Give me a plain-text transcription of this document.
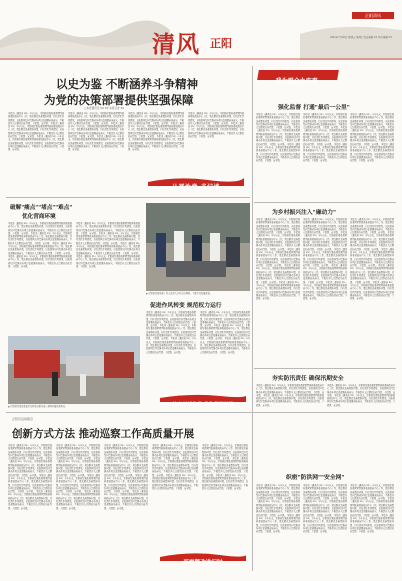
清风 正阳
正阳清风
2021年7月30日 星期五 第4版 责任编辑 XX 美术编辑 XX
以史为鉴 不断涵养斗争精神
为党的决策部署提供坚强保障
□本报通讯员 XX XX 本报记者 XX
本报讯（通讯员 XX）今年以来，正阳县纪委监委紧紧围绕县委县政府中心工作，聚焦群众急难愁盼问题，持续深化作风建设，以监督执纪问责推动各项决策部署落地落实，不断提升人民群众的获得感、幸福感、安全感。 本报讯（通讯员 XX）今年以来，正阳县纪委监委紧紧围绕县委县政府中心工作，聚焦群众急难愁盼问题，持续深化作风建设，以监督执纪问责推动各项决策部署落地落实，不断提升人民群众的获得感、幸福感、安全感。 本报讯（通讯员 XX）今年以来，正阳县纪委监委紧紧围绕县委县政府中心工作，聚焦群众急难愁盼问题，持续深化作风建设，以监督执纪问责推动各项决策部署落地落实，不断提升人民群众的获得感、幸福感、安全感。
本报讯（通讯员 XX）今年以来，正阳县纪委监委紧紧围绕县委县政府中心工作，聚焦群众急难愁盼问题，持续深化作风建设，以监督执纪问责推动各项决策部署落地落实，不断提升人民群众的获得感、幸福感、安全感。 本报讯（通讯员 XX）今年以来，正阳县纪委监委紧紧围绕县委县政府中心工作，聚焦群众急难愁盼问题，持续深化作风建设，以监督执纪问责推动各项决策部署落地落实，不断提升人民群众的获得感、幸福感、安全感。 本报讯（通讯员 XX）今年以来，正阳县纪委监委紧紧围绕县委县政府中心工作，聚焦群众急难愁盼问题，持续深化作风建设，以监督执纪问责推动各项决策部署落地落实，不断提升人民群众的获得感、幸福感、安全感。
本报讯（通讯员 XX）今年以来，正阳县纪委监委紧紧围绕县委县政府中心工作，聚焦群众急难愁盼问题，持续深化作风建设，以监督执纪问责推动各项决策部署落地落实，不断提升人民群众的获得感、幸福感、安全感。 本报讯（通讯员 XX）今年以来，正阳县纪委监委紧紧围绕县委县政府中心工作，聚焦群众急难愁盼问题，持续深化作风建设，以监督执纪问责推动各项决策部署落地落实，不断提升人民群众的获得感、幸福感、安全感。 本报讯（通讯员 XX）今年以来，正阳县纪委监委紧紧围绕县委县政府中心工作，聚焦群众急难愁盼问题，持续深化作风建设，以监督执纪问责推动各项决策部署落地落实，不断提升人民群众的获得感、幸福感、安全感。
本报讯（通讯员 XX）今年以来，正阳县纪委监委紧紧围绕县委县政府中心工作，聚焦群众急难愁盼问题，持续深化作风建设，以监督执纪问责推动各项决策部署落地落实，不断提升人民群众的获得感、幸福感、安全感。 本报讯（通讯员 XX）今年以来，正阳县纪委监委紧紧围绕县委县政府中心工作，聚焦群众急难愁盼问题，持续深化作风建设，以监督执纪问责推动各项决策部署落地落实，不断提升人民群众的获得感、幸福感、安全感。
从严治党·书记谈
我为群众办实事
强化监督 打通"最后一公里"
本报讯（通讯员 XX）今年以来，正阳县纪委监委紧紧围绕县委县政府中心工作，聚焦群众急难愁盼问题，持续深化作风建设，以监督执纪问责推动各项决策部署落地落实，不断提升人民群众的获得感、幸福感、安全感。 本报讯（通讯员 XX）今年以来，正阳县纪委监委紧紧围绕县委县政府中心工作，聚焦群众急难愁盼问题，持续深化作风建设，以监督执纪问责推动各项决策部署落地落实，不断提升人民群众的获得感、幸福感、安全感。 本报讯（通讯员 XX）今年以来，正阳县纪委监委紧紧围绕县委县政府中心工作，聚焦群众急难愁盼问题，持续深化作风建设，以监督执纪问责推动各项决策部署落地落实，不断提升人民群众的获得感、幸福感、安全感。
本报讯（通讯员 XX）今年以来，正阳县纪委监委紧紧围绕县委县政府中心工作，聚焦群众急难愁盼问题，持续深化作风建设，以监督执纪问责推动各项决策部署落地落实，不断提升人民群众的获得感、幸福感、安全感。 本报讯（通讯员 XX）今年以来，正阳县纪委监委紧紧围绕县委县政府中心工作，聚焦群众急难愁盼问题，持续深化作风建设，以监督执纪问责推动各项决策部署落地落实，不断提升人民群众的获得感、幸福感、安全感。 本报讯（通讯员 XX）今年以来，正阳县纪委监委紧紧围绕县委县政府中心工作，聚焦群众急难愁盼问题，持续深化作风建设，以监督执纪问责推动各项决策部署落地落实，不断提升人民群众的获得感、幸福感、安全感。
本报讯（通讯员 XX）今年以来，正阳县纪委监委紧紧围绕县委县政府中心工作，聚焦群众急难愁盼问题，持续深化作风建设，以监督执纪问责推动各项决策部署落地落实，不断提升人民群众的获得感、幸福感、安全感。 本报讯（通讯员 XX）今年以来，正阳县纪委监委紧紧围绕县委县政府中心工作，聚焦群众急难愁盼问题，持续深化作风建设，以监督执纪问责推动各项决策部署落地落实，不断提升人民群众的获得感、幸福感、安全感。 本报讯（通讯员 XX）今年以来，正阳县纪委监委紧紧围绕县委县政府中心工作，聚焦群众急难愁盼问题，持续深化作风建设，以监督执纪问责推动各项决策部署落地落实，不断提升人民群众的获得感、幸福感、安全感。
破解"痛点""堵点""难点"
优化营商环境
本报讯（通讯员 XX）今年以来，正阳县纪委监委紧紧围绕县委县政府中心工作，聚焦群众急难愁盼问题，持续深化作风建设，以监督执纪问责推动各项决策部署落地落实，不断提升人民群众的获得感、幸福感、安全感。 本报讯（通讯员 XX）今年以来，正阳县纪委监委紧紧围绕县委县政府中心工作，聚焦群众急难愁盼问题，持续深化作风建设，以监督执纪问责推动各项决策部署落地落实，不断提升人民群众的获得感、幸福感、安全感。 本报讯（通讯员 XX）今年以来，正阳县纪委监委紧紧围绕县委县政府中心工作，聚焦群众急难愁盼问题，持续深化作风建设，以监督执纪问责推动各项决策部署落地落实，不断提升人民群众的获得感、幸福感、安全感。 本报讯（通讯员 XX）今年以来，正阳县纪委监委紧紧围绕县委县政府中心工作，聚焦群众急难愁盼问题，持续深化作风建设，以监督执纪问责推动各项决策部署落地落实，不断提升人民群众的获得感、幸福感、安全感。
本报讯（通讯员 XX）今年以来，正阳县纪委监委紧紧围绕县委县政府中心工作，聚焦群众急难愁盼问题，持续深化作风建设，以监督执纪问责推动各项决策部署落地落实，不断提升人民群众的获得感、幸福感、安全感。 本报讯（通讯员 XX）今年以来，正阳县纪委监委紧紧围绕县委县政府中心工作，聚焦群众急难愁盼问题，持续深化作风建设，以监督执纪问责推动各项决策部署落地落实，不断提升人民群众的获得感、幸福感、安全感。 本报讯（通讯员 XX）今年以来，正阳县纪委监委紧紧围绕县委县政府中心工作，聚焦群众急难愁盼问题，持续深化作风建设，以监督执纪问责推动各项决策部署落地落实，不断提升人民群众的获得感、幸福感、安全感。 本报讯（通讯员 XX）今年以来，正阳县纪委监委紧紧围绕县委县政府中心工作，聚焦群众急难愁盼问题，持续深化作风建设，以监督执纪问责推动各项决策部署落地落实，不断提升人民群众的获得感、幸福感、安全感。
▲ 正阳县纪委监委工作人员深入企业走访调研，了解企业发展难题。
▲ 正阳县纪委监委派驻纪检监察组对施工现场开展监督检查。
促进作风转变 规范权力运行
本报讯（通讯员 XX）今年以来，正阳县纪委监委紧紧围绕县委县政府中心工作，聚焦群众急难愁盼问题，持续深化作风建设，以监督执纪问责推动各项决策部署落地落实，不断提升人民群众的获得感、幸福感、安全感。 本报讯（通讯员 XX）今年以来，正阳县纪委监委紧紧围绕县委县政府中心工作，聚焦群众急难愁盼问题，持续深化作风建设，以监督执纪问责推动各项决策部署落地落实，不断提升人民群众的获得感、幸福感、安全感。 本报讯（通讯员 XX）今年以来，正阳县纪委监委紧紧围绕县委县政府中心工作，聚焦群众急难愁盼问题，持续深化作风建设，以监督执纪问责推动各项决策部署落地落实，不断提升人民群众的获得感、幸福感、安全感。
本报讯（通讯员 XX）今年以来，正阳县纪委监委紧紧围绕县委县政府中心工作，聚焦群众急难愁盼问题，持续深化作风建设，以监督执纪问责推动各项决策部署落地落实，不断提升人民群众的获得感、幸福感、安全感。 本报讯（通讯员 XX）今年以来，正阳县纪委监委紧紧围绕县委县政府中心工作，聚焦群众急难愁盼问题，持续深化作风建设，以监督执纪问责推动各项决策部署落地落实，不断提升人民群众的获得感、幸福感、安全感。 本报讯（通讯员 XX）今年以来，正阳县纪委监委紧紧围绕县委县政府中心工作，聚焦群众急难愁盼问题，持续深化作风建设，以监督执纪问责推动各项决策部署落地落实，不断提升人民群众的获得感、幸福感、安全感。
转变干部作风 优化营商环境
为乡村振兴注入"廉动力"
本报讯（通讯员 XX）今年以来，正阳县纪委监委紧紧围绕县委县政府中心工作，聚焦群众急难愁盼问题，持续深化作风建设，以监督执纪问责推动各项决策部署落地落实，不断提升人民群众的获得感、幸福感、安全感。 本报讯（通讯员 XX）今年以来，正阳县纪委监委紧紧围绕县委县政府中心工作，聚焦群众急难愁盼问题，持续深化作风建设，以监督执纪问责推动各项决策部署落地落实，不断提升人民群众的获得感、幸福感、安全感。 本报讯（通讯员 XX）今年以来，正阳县纪委监委紧紧围绕县委县政府中心工作，聚焦群众急难愁盼问题，持续深化作风建设，以监督执纪问责推动各项决策部署落地落实，不断提升人民群众的获得感、幸福感、安全感。 本报讯（通讯员 XX）今年以来，正阳县纪委监委紧紧围绕县委县政府中心工作，聚焦群众急难愁盼问题，持续深化作风建设，以监督执纪问责推动各项决策部署落地落实，不断提升人民群众的获得感、幸福感、安全感。 本报讯（通讯员 XX）今年以来，正阳县纪委监委紧紧围绕县委县政府中心工作，聚焦群众急难愁盼问题，持续深化作风建设，以监督执纪问责推动各项决策部署落地落实，不断提升人民群众的获得感、幸福感、安全感。
本报讯（通讯员 XX）今年以来，正阳县纪委监委紧紧围绕县委县政府中心工作，聚焦群众急难愁盼问题，持续深化作风建设，以监督执纪问责推动各项决策部署落地落实，不断提升人民群众的获得感、幸福感、安全感。 本报讯（通讯员 XX）今年以来，正阳县纪委监委紧紧围绕县委县政府中心工作，聚焦群众急难愁盼问题，持续深化作风建设，以监督执纪问责推动各项决策部署落地落实，不断提升人民群众的获得感、幸福感、安全感。 本报讯（通讯员 XX）今年以来，正阳县纪委监委紧紧围绕县委县政府中心工作，聚焦群众急难愁盼问题，持续深化作风建设，以监督执纪问责推动各项决策部署落地落实，不断提升人民群众的获得感、幸福感、安全感。 本报讯（通讯员 XX）今年以来，正阳县纪委监委紧紧围绕县委县政府中心工作，聚焦群众急难愁盼问题，持续深化作风建设，以监督执纪问责推动各项决策部署落地落实，不断提升人民群众的获得感、幸福感、安全感。 本报讯（通讯员 XX）今年以来，正阳县纪委监委紧紧围绕县委县政府中心工作，聚焦群众急难愁盼问题，持续深化作风建设，以监督执纪问责推动各项决策部署落地落实，不断提升人民群众的获得感、幸福感、安全感。
本报讯（通讯员 XX）今年以来，正阳县纪委监委紧紧围绕县委县政府中心工作，聚焦群众急难愁盼问题，持续深化作风建设，以监督执纪问责推动各项决策部署落地落实，不断提升人民群众的获得感、幸福感、安全感。 本报讯（通讯员 XX）今年以来，正阳县纪委监委紧紧围绕县委县政府中心工作，聚焦群众急难愁盼问题，持续深化作风建设，以监督执纪问责推动各项决策部署落地落实，不断提升人民群众的获得感、幸福感、安全感。 本报讯（通讯员 XX）今年以来，正阳县纪委监委紧紧围绕县委县政府中心工作，聚焦群众急难愁盼问题，持续深化作风建设，以监督执纪问责推动各项决策部署落地落实，不断提升人民群众的获得感、幸福感、安全感。 本报讯（通讯员 XX）今年以来，正阳县纪委监委紧紧围绕县委县政府中心工作，聚焦群众急难愁盼问题，持续深化作风建设，以监督执纪问责推动各项决策部署落地落实，不断提升人民群众的获得感、幸福感、安全感。 本报讯（通讯员 XX）今年以来，正阳县纪委监委紧紧围绕县委县政府中心工作，聚焦群众急难愁盼问题，持续深化作风建设，以监督执纪问责推动各项决策部署落地落实，不断提升人民群众的获得感、幸福感、安全感。
夯实防汛责任 确保汛期安全
本报讯（通讯员 XX）今年以来，正阳县纪委监委紧紧围绕县委县政府中心工作，聚焦群众急难愁盼问题，持续深化作风建设，以监督执纪问责推动各项决策部署落地落实，不断提升人民群众的获得感、幸福感、安全感。 本报讯（通讯员 XX）今年以来，正阳县纪委监委紧紧围绕县委县政府中心工作，聚焦群众急难愁盼问题，持续深化作风建设，以监督执纪问责推动各项决策部署落地落实，不断提升人民群众的获得感、幸福感、安全感。
本报讯（通讯员 XX）今年以来，正阳县纪委监委紧紧围绕县委县政府中心工作，聚焦群众急难愁盼问题，持续深化作风建设，以监督执纪问责推动各项决策部署落地落实，不断提升人民群众的获得感、幸福感、安全感。 本报讯（通讯员 XX）今年以来，正阳县纪委监委紧紧围绕县委县政府中心工作，聚焦群众急难愁盼问题，持续深化作风建设，以监督执纪问责推动各项决策部署落地落实，不断提升人民群众的获得感、幸福感、安全感。
织密"防洪网""安全网"
本报讯（通讯员 XX）今年以来，正阳县纪委监委紧紧围绕县委县政府中心工作，聚焦群众急难愁盼问题，持续深化作风建设，以监督执纪问责推动各项决策部署落地落实，不断提升人民群众的获得感、幸福感、安全感。 本报讯（通讯员 XX）今年以来，正阳县纪委监委紧紧围绕县委县政府中心工作，聚焦群众急难愁盼问题，持续深化作风建设，以监督执纪问责推动各项决策部署落地落实，不断提升人民群众的获得感、幸福感、安全感。 本报讯（通讯员 XX）今年以来，正阳县纪委监委紧紧围绕县委县政府中心工作，聚焦群众急难愁盼问题，持续深化作风建设，以监督执纪问责推动各项决策部署落地落实，不断提升人民群众的获得感、幸福感、安全感。
本报讯（通讯员 XX）今年以来，正阳县纪委监委紧紧围绕县委县政府中心工作，聚焦群众急难愁盼问题，持续深化作风建设，以监督执纪问责推动各项决策部署落地落实，不断提升人民群众的获得感、幸福感、安全感。 本报讯（通讯员 XX）今年以来，正阳县纪委监委紧紧围绕县委县政府中心工作，聚焦群众急难愁盼问题，持续深化作风建设，以监督执纪问责推动各项决策部署落地落实，不断提升人民群众的获得感、幸福感、安全感。 本报讯（通讯员 XX）今年以来，正阳县纪委监委紧紧围绕县委县政府中心工作，聚焦群众急难愁盼问题，持续深化作风建设，以监督执纪问责推动各项决策部署落地落实，不断提升人民群众的获得感、幸福感、安全感。
本报讯（通讯员 XX）今年以来，正阳县纪委监委紧紧围绕县委县政府中心工作，聚焦群众急难愁盼问题，持续深化作风建设，以监督执纪问责推动各项决策部署落地落实，不断提升人民群众的获得感、幸福感、安全感。 本报讯（通讯员 XX）今年以来，正阳县纪委监委紧紧围绕县委县政府中心工作，聚焦群众急难愁盼问题，持续深化作风建设，以监督执纪问责推动各项决策部署落地落实，不断提升人民群众的获得感、幸福感、安全感。 本报讯（通讯员 XX）今年以来，正阳县纪委监委紧紧围绕县委县政府中心工作，聚焦群众急难愁盼问题，持续深化作风建设，以监督执纪问责推动各项决策部署落地落实，不断提升人民群众的获得感、幸福感、安全感。
正阳县巡察篇章
创新方式方法 推动巡察工作高质量开展
本报讯（通讯员 XX）今年以来，正阳县纪委监委紧紧围绕县委县政府中心工作，聚焦群众急难愁盼问题，持续深化作风建设，以监督执纪问责推动各项决策部署落地落实，不断提升人民群众的获得感、幸福感、安全感。 本报讯（通讯员 XX）今年以来，正阳县纪委监委紧紧围绕县委县政府中心工作，聚焦群众急难愁盼问题，持续深化作风建设，以监督执纪问责推动各项决策部署落地落实，不断提升人民群众的获得感、幸福感、安全感。 本报讯（通讯员 XX）今年以来，正阳县纪委监委紧紧围绕县委县政府中心工作，聚焦群众急难愁盼问题，持续深化作风建设，以监督执纪问责推动各项决策部署落地落实，不断提升人民群众的获得感、幸福感、安全感。 本报讯（通讯员 XX）今年以来，正阳县纪委监委紧紧围绕县委县政府中心工作，聚焦群众急难愁盼问题，持续深化作风建设，以监督执纪问责推动各项决策部署落地落实，不断提升人民群众的获得感、幸福感、安全感。
本报讯（通讯员 XX）今年以来，正阳县纪委监委紧紧围绕县委县政府中心工作，聚焦群众急难愁盼问题，持续深化作风建设，以监督执纪问责推动各项决策部署落地落实，不断提升人民群众的获得感、幸福感、安全感。 本报讯（通讯员 XX）今年以来，正阳县纪委监委紧紧围绕县委县政府中心工作，聚焦群众急难愁盼问题，持续深化作风建设，以监督执纪问责推动各项决策部署落地落实，不断提升人民群众的获得感、幸福感、安全感。 本报讯（通讯员 XX）今年以来，正阳县纪委监委紧紧围绕县委县政府中心工作，聚焦群众急难愁盼问题，持续深化作风建设，以监督执纪问责推动各项决策部署落地落实，不断提升人民群众的获得感、幸福感、安全感。 本报讯（通讯员 XX）今年以来，正阳县纪委监委紧紧围绕县委县政府中心工作，聚焦群众急难愁盼问题，持续深化作风建设，以监督执纪问责推动各项决策部署落地落实，不断提升人民群众的获得感、幸福感、安全感。
本报讯（通讯员 XX）今年以来，正阳县纪委监委紧紧围绕县委县政府中心工作，聚焦群众急难愁盼问题，持续深化作风建设，以监督执纪问责推动各项决策部署落地落实，不断提升人民群众的获得感、幸福感、安全感。 本报讯（通讯员 XX）今年以来，正阳县纪委监委紧紧围绕县委县政府中心工作，聚焦群众急难愁盼问题，持续深化作风建设，以监督执纪问责推动各项决策部署落地落实，不断提升人民群众的获得感、幸福感、安全感。 本报讯（通讯员 XX）今年以来，正阳县纪委监委紧紧围绕县委县政府中心工作，聚焦群众急难愁盼问题，持续深化作风建设，以监督执纪问责推动各项决策部署落地落实，不断提升人民群众的获得感、幸福感、安全感。 本报讯（通讯员 XX）今年以来，正阳县纪委监委紧紧围绕县委县政府中心工作，聚焦群众急难愁盼问题，持续深化作风建设，以监督执纪问责推动各项决策部署落地落实，不断提升人民群众的获得感、幸福感、安全感。
本报讯（通讯员 XX）今年以来，正阳县纪委监委紧紧围绕县委县政府中心工作，聚焦群众急难愁盼问题，持续深化作风建设，以监督执纪问责推动各项决策部署落地落实，不断提升人民群众的获得感、幸福感、安全感。 本报讯（通讯员 XX）今年以来，正阳县纪委监委紧紧围绕县委县政府中心工作，聚焦群众急难愁盼问题，持续深化作风建设，以监督执纪问责推动各项决策部署落地落实，不断提升人民群众的获得感、幸福感、安全感。 本报讯（通讯员 XX）今年以来，正阳县纪委监委紧紧围绕县委县政府中心工作，聚焦群众急难愁盼问题，持续深化作风建设，以监督执纪问责推动各项决策部署落地落实，不断提升人民群众的获得感、幸福感、安全感。
本报讯（通讯员 XX）今年以来，正阳县纪委监委紧紧围绕县委县政府中心工作，聚焦群众急难愁盼问题，持续深化作风建设，以监督执纪问责推动各项决策部署落地落实，不断提升人民群众的获得感、幸福感、安全感。 本报讯（通讯员 XX）今年以来，正阳县纪委监委紧紧围绕县委县政府中心工作，聚焦群众急难愁盼问题，持续深化作风建设，以监督执纪问责推动各项决策部署落地落实，不断提升人民群众的获得感、幸福感、安全感。 本报讯（通讯员 XX）今年以来，正阳县纪委监委紧紧围绕县委县政府中心工作，聚焦群众急难愁盼问题，持续深化作风建设，以监督执纪问责推动各项决策部署落地落实，不断提升人民群众的获得感、幸福感、安全感。
巡察整改进行时
